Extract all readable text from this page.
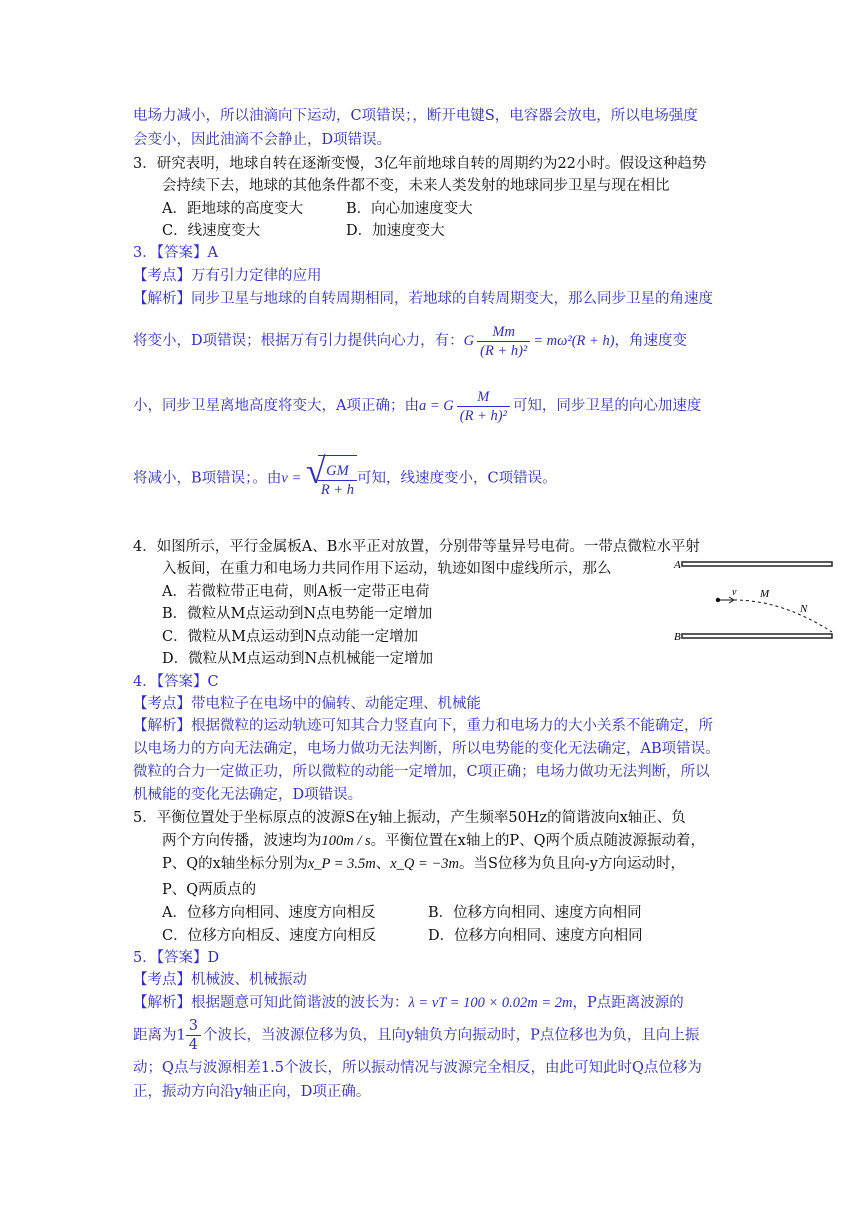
电场力减小，所以油滴向下运动，C项错误；，断开电键S，电容器会放电，所以电场强度
会变小，因此油滴不会静止，D项错误。
3．研究表明，地球自转在逐渐变慢，3亿年前地球自转的周期约为22小时。假设这种趋势
会持续下去，地球的其他条件都不变，未来人类发射的地球同步卫星与现在相比
A．距地球的高度变大	B．向心加速度变大
C．线速度变大	D．加速度变大
3．【答案】A
【考点】万有引力定律的应用
【解析】同步卫星与地球的自转周期相同，若地球的自转周期变大，那么同步卫星的角速度
将变小，D项错误；根据万有引力提供向心力，有：G $\frac{Mm}{\text{(R + h)²}} = m\omega^2(R + h)$，角速度变
小，同步卫星离地高度将变大，A项正确；由a = G $\frac{M}{\text{(R + h)²}}$ 可知，同步卫星的向心加速度
将减小，B项错误；。由v = √
$\frac{GM}{R + h}$ 可知，线速度变小，C项错误。
4．如图所示，平行金属板A、B水平正对放置，分别带等量异号电荷。一带点微粒水平射
入板间，在重力和电场力共同作用下运动，轨迹如图中虚线所示，那么
A．若微粒带正电荷，则A板一定带正电荷
B．微粒从M点运动到N点电势能一定增加
C．微粒从M点运动到N点动能一定增加
D．微粒从M点运动到N点机械能一定增加
A
B
v M
N
4．【答案】C
【考点】带电粒子在电场中的偏转、动能定理、机械能
【解析】根据微粒的运动轨迹可知其合力竖直向下，重力和电场力的大小关系不能确定，所
以电场力的方向无法确定，电场力做功无法判断，所以电势能的变化无法确定，AB项错误。
微粒的合力一定做正功，所以微粒的动能一定增加，C项正确；电场力做功无法判断，所以
机械能的变化无法确定，D项错误。
5．平衡位置处于坐标原点的波源S在y轴上振动，产生频率50Hz的简谐波向x轴正、负
两个方向传播，波速均为100m / s。平衡位置在x轴上的P、Q两个质点随波源振动着，
P、Q的x轴坐标分别为x_P = 3.5m、x_Q = −3m。当S位移为负且向-y方向运动时，
P、Q两质点的
A．位移方向相同、速度方向相反	B．位移方向相同、速度方向相同
C．位移方向相反、速度方向相反	D．位移方向相同、速度方向相同
5．【答案】D
【考点】机械波、机械振动
【解析】根据题意可知此简谐波的波长为：λ = vT = 100 × 0.02m = 2m，P点距离波源的
距离为$1 \frac{3}{4}$ 个波长，当波源位移为负，且向y轴负方向振动时，P点位移也为负，且向上振
动；Q点与波源相差1.5个波长，所以振动情况与波源完全相反，由此可知此时Q点位移为
正，振动方向沿y轴正向，D项正确。
